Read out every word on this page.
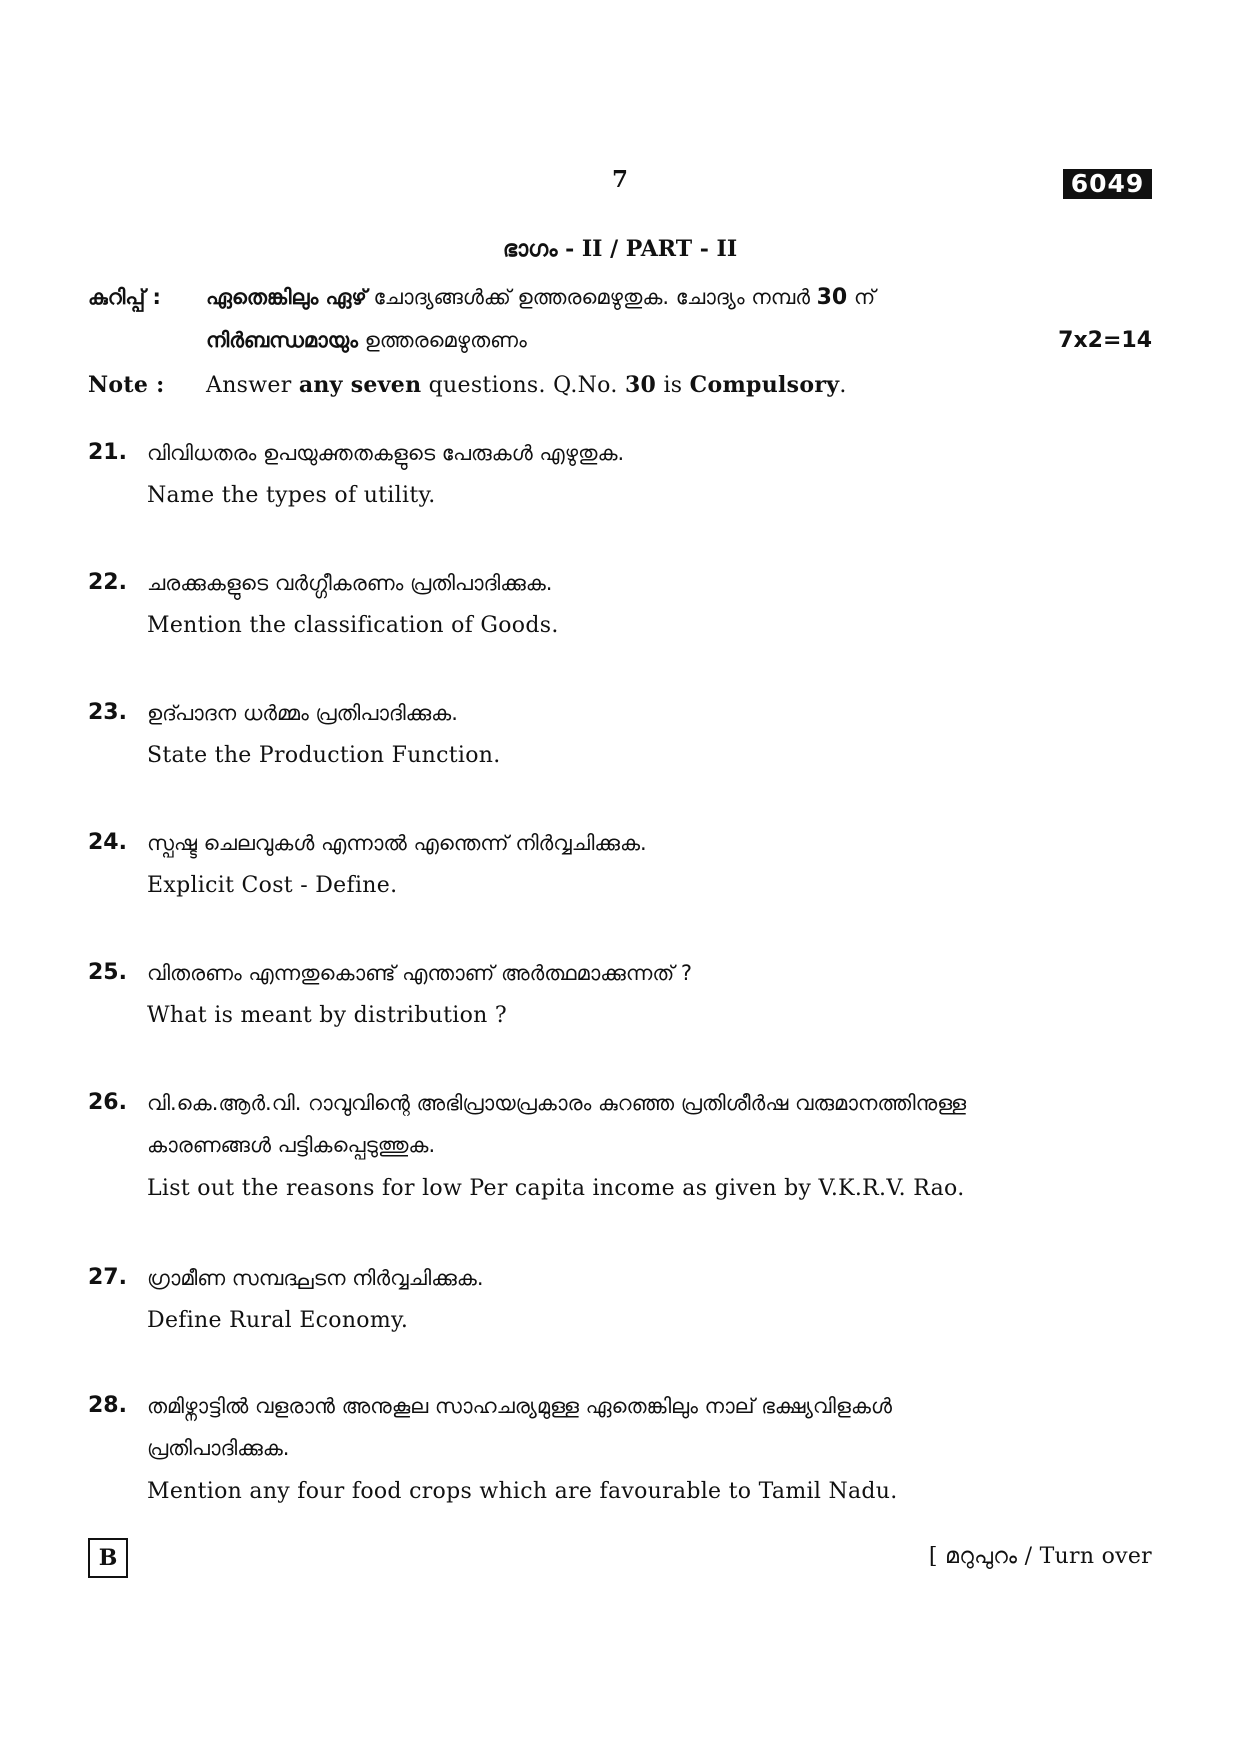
7	6049
ഭാഗം - II / PART - II
കുറിപ്പ് : ഏതെങ്കിലും ഏഴ് ചോദ്യങ്ങൾക്ക് ഉത്തരമെഴുതുക. ചോദ്യം നമ്പർ 30 ന്
നിർബന്ധമായും ഉത്തരമെഴുതണം	7x2=14
Note : Answer any seven questions. Q.No. 30 is Compulsory.
21. വിവിധതരം ഉപയുക്തതകളുടെ പേരുകൾ എഴുതുക.
Name the types of utility.
22. ചരക്കുകളുടെ വർഗ്ഗീകരണം പ്രതിപാദിക്കുക.
Mention the classification of Goods.
23. ഉദ്പാദന ധർമ്മം പ്രതിപാദിക്കുക.
State the Production Function.
24. സ്പഷ്ട ചെലവുകൾ എന്നാൽ എന്തെന്ന് നിർവ്വചിക്കുക.
Explicit Cost - Define.
25. വിതരണം എന്നതുകൊണ്ട് എന്താണ് അർത്ഥമാക്കുന്നത് ?
What is meant by distribution ?
26. വി.കെ.ആർ.വി. റാവുവിന്റെ അഭിപ്രായപ്രകാരം കുറഞ്ഞ പ്രതിശീർഷ വരുമാനത്തിനുള്ള
കാരണങ്ങൾ പട്ടികപ്പെടുത്തുക.
List out the reasons for low Per capita income as given by V.K.R.V. Rao.
27. ഗ്രാമീണ സമ്പദ്ഘടന നിർവ്വചിക്കുക.
Define Rural Economy.
28. തമിഴ്നാട്ടിൽ വളരാൻ അനുകൂല സാഹചര്യമുള്ള ഏതെങ്കിലും നാല് ഭക്ഷ്യവിളകൾ
പ്രതിപാദിക്കുക.
Mention any four food crops which are favourable to Tamil Nadu.
B	[ മറുപുറം / Turn over
